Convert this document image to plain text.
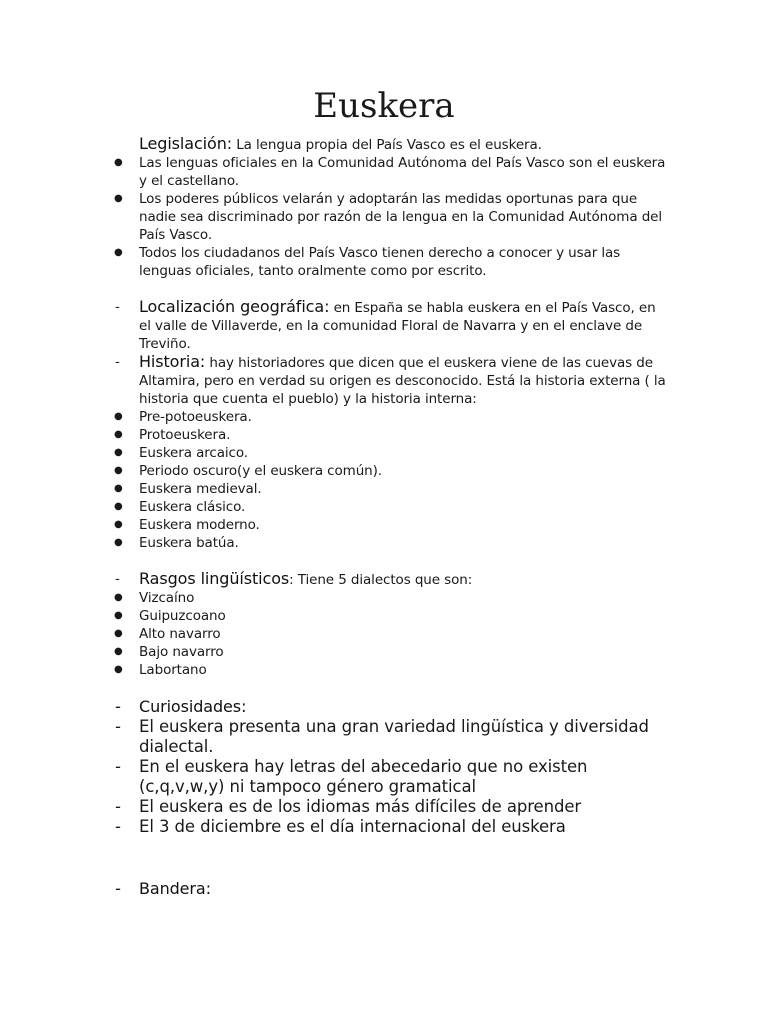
Euskera
Legislación: La lengua propia del País Vasco es el euskera.
●	Las lenguas oficiales en la Comunidad Autónoma del País Vasco son el euskera y el castellano.
●	Los poderes públicos velarán y adoptarán las medidas oportunas para que nadie sea discriminado por razón de la lengua en la Comunidad Autónoma del País Vasco.
●	Todos los ciudadanos del País Vasco tienen derecho a conocer y usar las lenguas oficiales, tanto oralmente como por escrito.
-	Localización geográfica: en España se habla euskera en el País Vasco, en el valle de Villaverde, en la comunidad Floral de Navarra y en el enclave de Treviño.
-	Historia: hay historiadores que dicen que el euskera viene de las cuevas de Altamira, pero en verdad su origen es desconocido. Está la historia externa ( la historia que cuenta el pueblo) y la historia interna:
●	Pre-potoeuskera.
●	Protoeuskera.
●	Euskera arcaico.
●	Periodo oscuro(y el euskera común).
●	Euskera medieval.
●	Euskera clásico.
●	Euskera moderno.
●	Euskera batúa.
-	Rasgos lingüísticos: Tiene 5 dialectos que son:
●	Vizcaíno
●	Guipuzcoano
●	Alto navarro
●	Bajo navarro
●	Labortano
-	Curiosidades:
-	El euskera presenta una gran variedad lingüística y diversidad dialectal.
-	En el euskera hay letras del abecedario que no existen (c,q,v,w,y) ni tampoco género gramatical
-	El euskera es de los idiomas más difíciles de aprender
-	El 3 de diciembre es el día internacional del euskera
-	Bandera:
